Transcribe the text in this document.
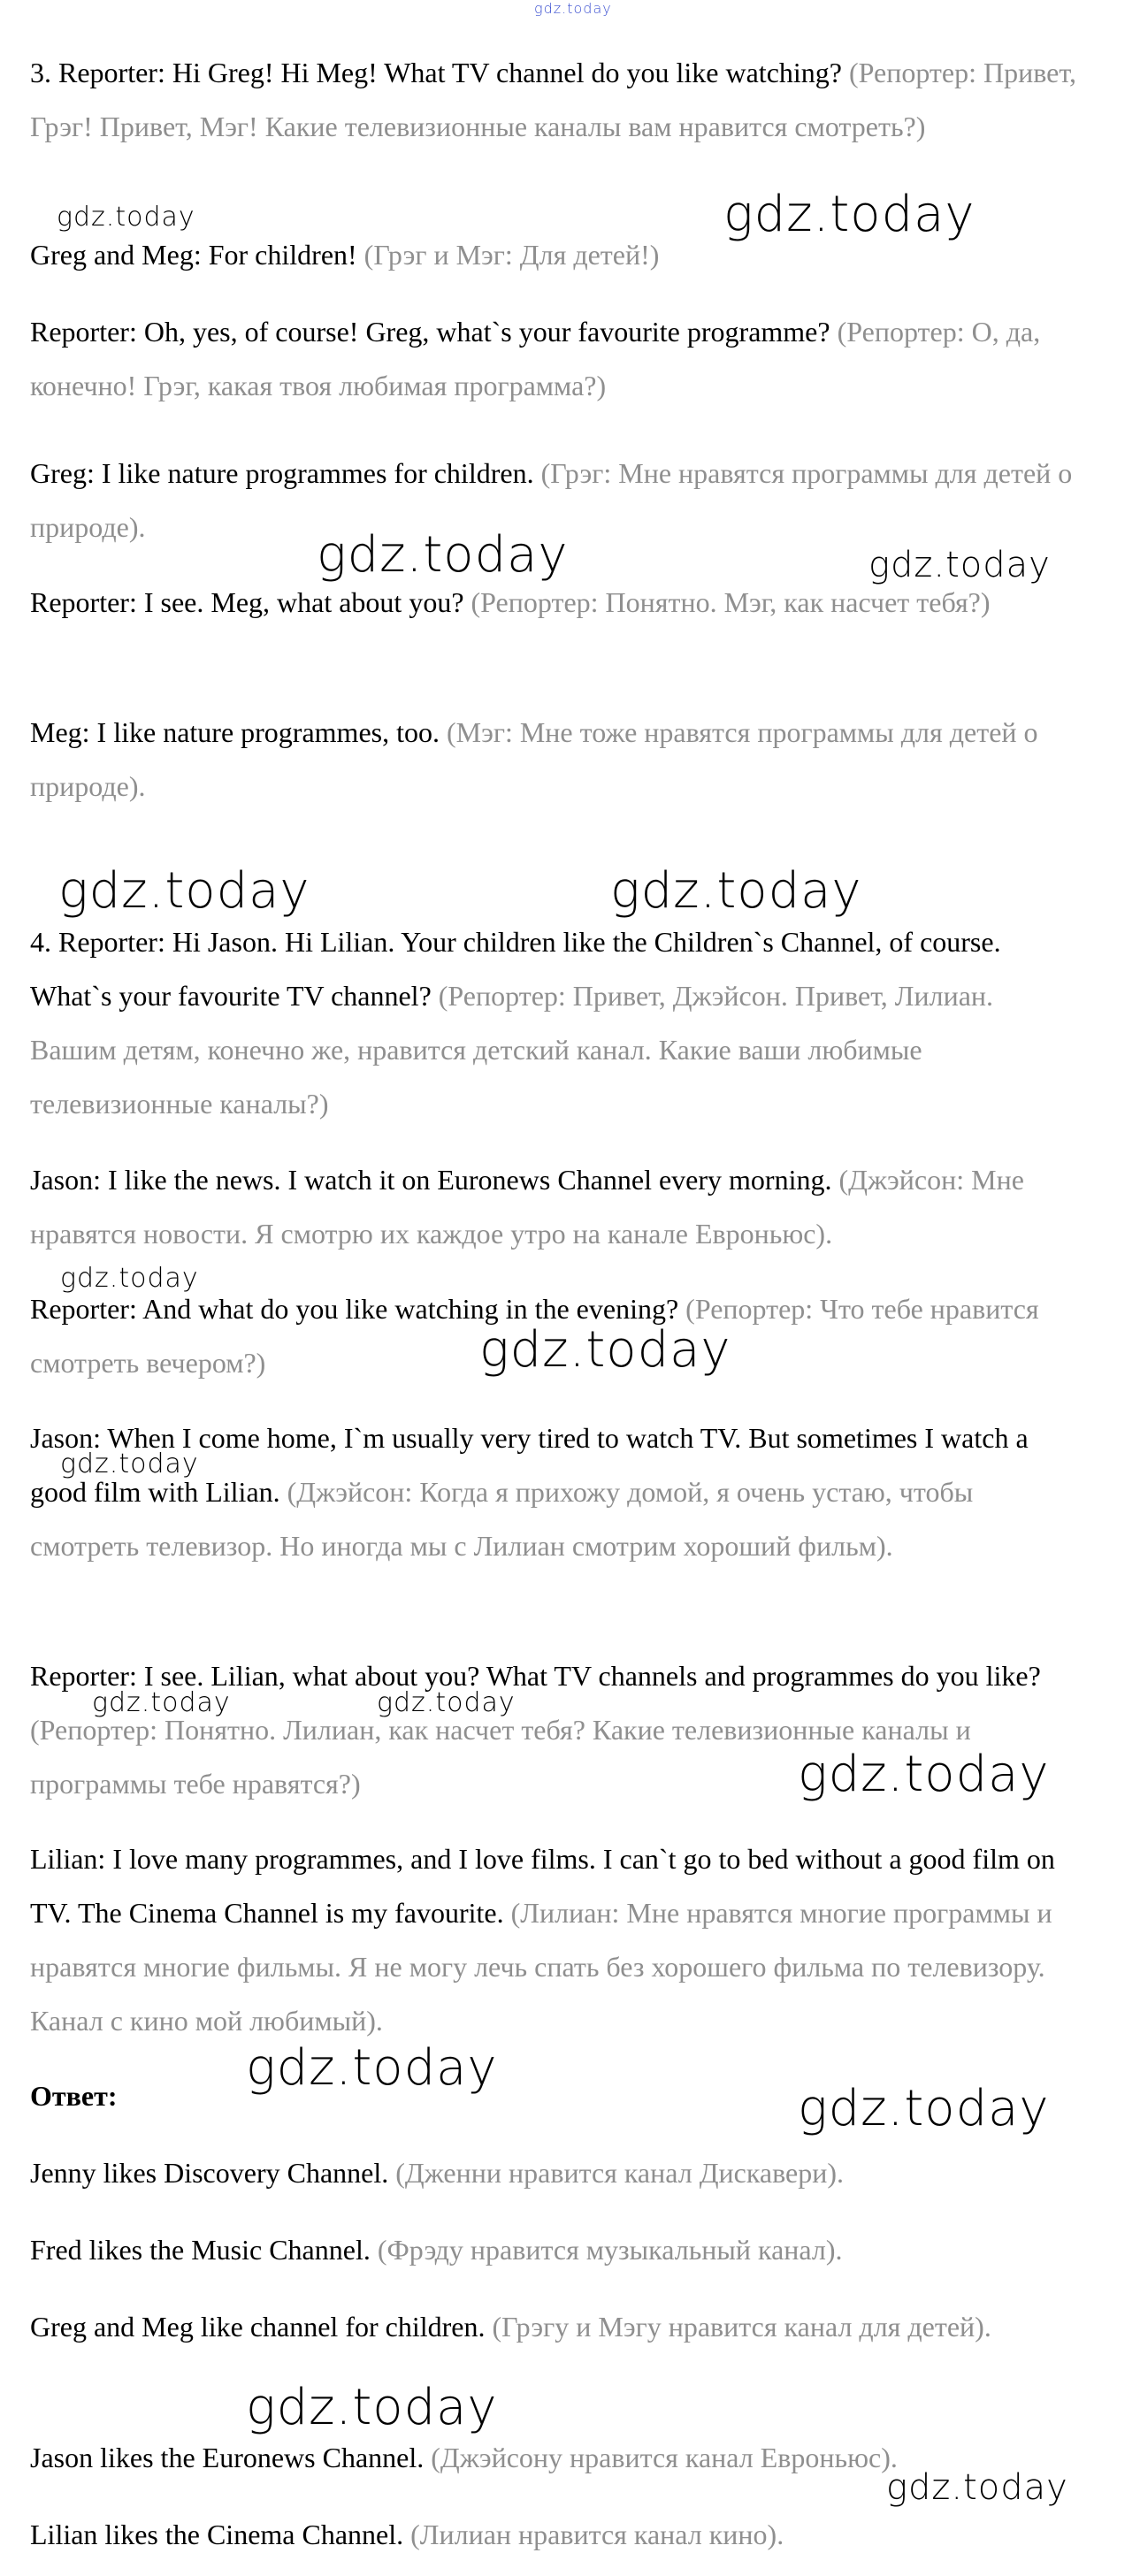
3. Reporter: Hi Greg! Hi Meg! What TV channel do you like watching? (Репортер: Привет, Грэг! Привет, Мэг! Какие телевизионные каналы вам нравится смотреть?)

Greg and Meg: For children! (Грэг и Мэг: Для детей!)

Reporter: Oh, yes, of course! Greg, what`s your favourite programme? (Репортер: О, да, конечно! Грэг, какая твоя любимая программа?)

Greg: I like nature programmes for children. (Грэг: Мне нравятся программы для детей о природе).

Reporter: I see. Meg, what about you? (Репортер: Понятно. Мэг, как насчет тебя?)

Meg: I like nature programmes, too. (Мэг: Мне тоже нравятся программы для детей о природе).

4. Reporter: Hi Jason. Hi Lilian. Your children like the Children`s Channel, of course. What`s your favourite TV channel? (Репортер: Привет, Джэйсон. Привет, Лилиан. Вашим детям, конечно же, нравится детский канал. Какие ваши любимые телевизионные каналы?)

Jason: I like the news. I watch it on Euronews Channel every morning. (Джэйсон: Мне нравятся новости. Я смотрю их каждое утро на канале Евроньюс).

Reporter: And what do you like watching in the evening? (Репортер: Что тебе нравится смотреть вечером?)

Jason: When I come home, I`m usually very tired to watch TV. But sometimes I watch a good film with Lilian. (Джэйсон: Когда я прихожу домой, я очень устаю, чтобы смотреть телевизор. Но иногда мы с Лилиан смотрим хороший фильм).

Reporter: I see. Lilian, what about you? What TV channels and programmes do you like? (Репортер: Понятно. Лилиан, как насчет тебя? Какие телевизионные каналы и программы тебе нравятся?)

Lilian: I love many programmes, and I love films. I can`t go to bed without a good film on TV. The Cinema Channel is my favourite. (Лилиан: Мне нравятся многие программы и нравятся многие фильмы. Я не могу лечь спать без хорошего фильма по телевизору. Канал с кино мой любимый).

Ответ:

Jenny likes Discovery Channel. (Дженни нравится канал Дискавери).

Fred likes the Music Channel. (Фрэду нравится музыкальный канал).

Greg and Meg like channel for children. (Грэгу и Мэгу нравится канал для детей).

Jason likes the Euronews Channel. (Джэйсону нравится канал Евроньюс).

Lilian likes the Cinema Channel. (Лилиан нравится канал кино).

gdz.today
gdz.today	gdz.today
gdz.today	gdz.today
gdz.today	gdz.today
gdz.today
gdz.today
gdz.today
gdz.today	gdz.today
gdz.today
gdz.today
gdz.today
gdz.today
gdz.today
